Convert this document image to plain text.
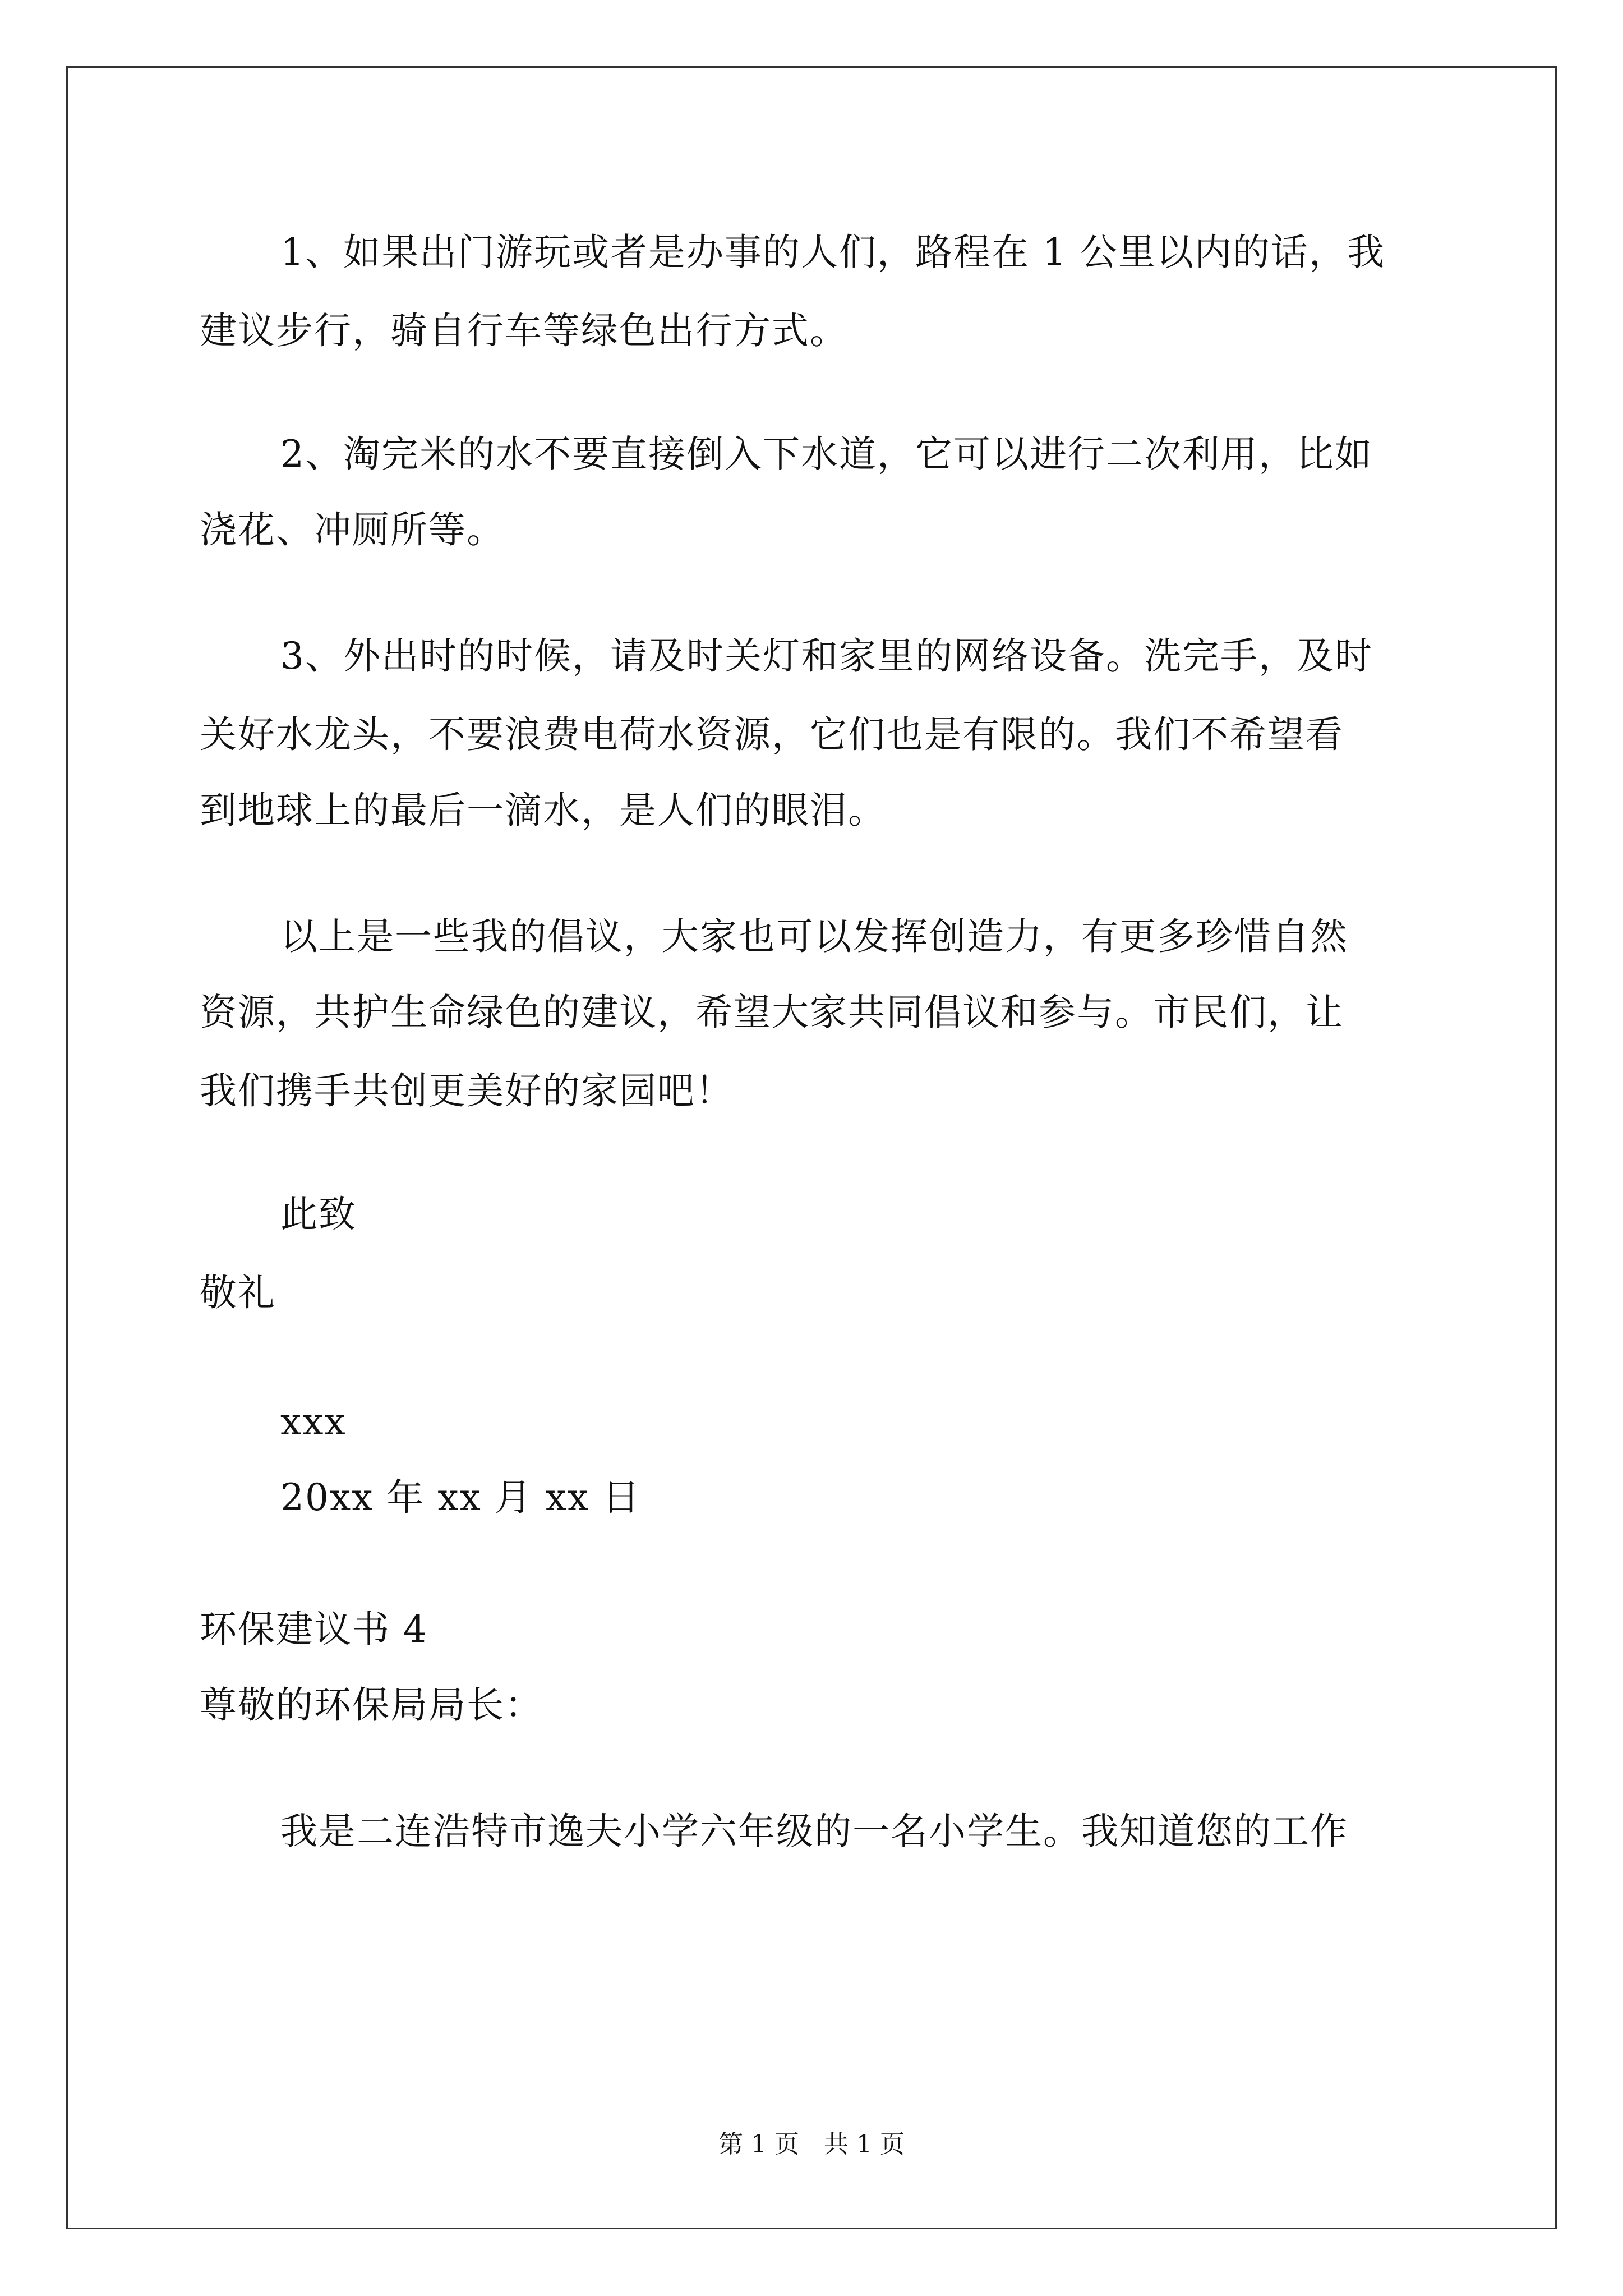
1、如果出门游玩或者是办事的人们，路程在 1 公里以内的话，我
建议步行，骑自行车等绿色出行方式。
2、淘完米的水不要直接倒入下水道，它可以进行二次利用，比如
浇花、冲厕所等。
3、外出时的时候，请及时关灯和家里的网络设备。洗完手，及时
关好水龙头，不要浪费电荷水资源，它们也是有限的。我们不希望看
到地球上的最后一滴水，是人们的眼泪。
以上是一些我的倡议，大家也可以发挥创造力，有更多珍惜自然
资源，共护生命绿色的建议，希望大家共同倡议和参与。市民们，让
我们携手共创更美好的家园吧！
此致
敬礼
xxx
20xx 年 xx 月 xx 日
环保建议书 4
尊敬的环保局局长：
我是二连浩特市逸夫小学六年级的一名小学生。我知道您的工作
第 1 页　共 1 页
